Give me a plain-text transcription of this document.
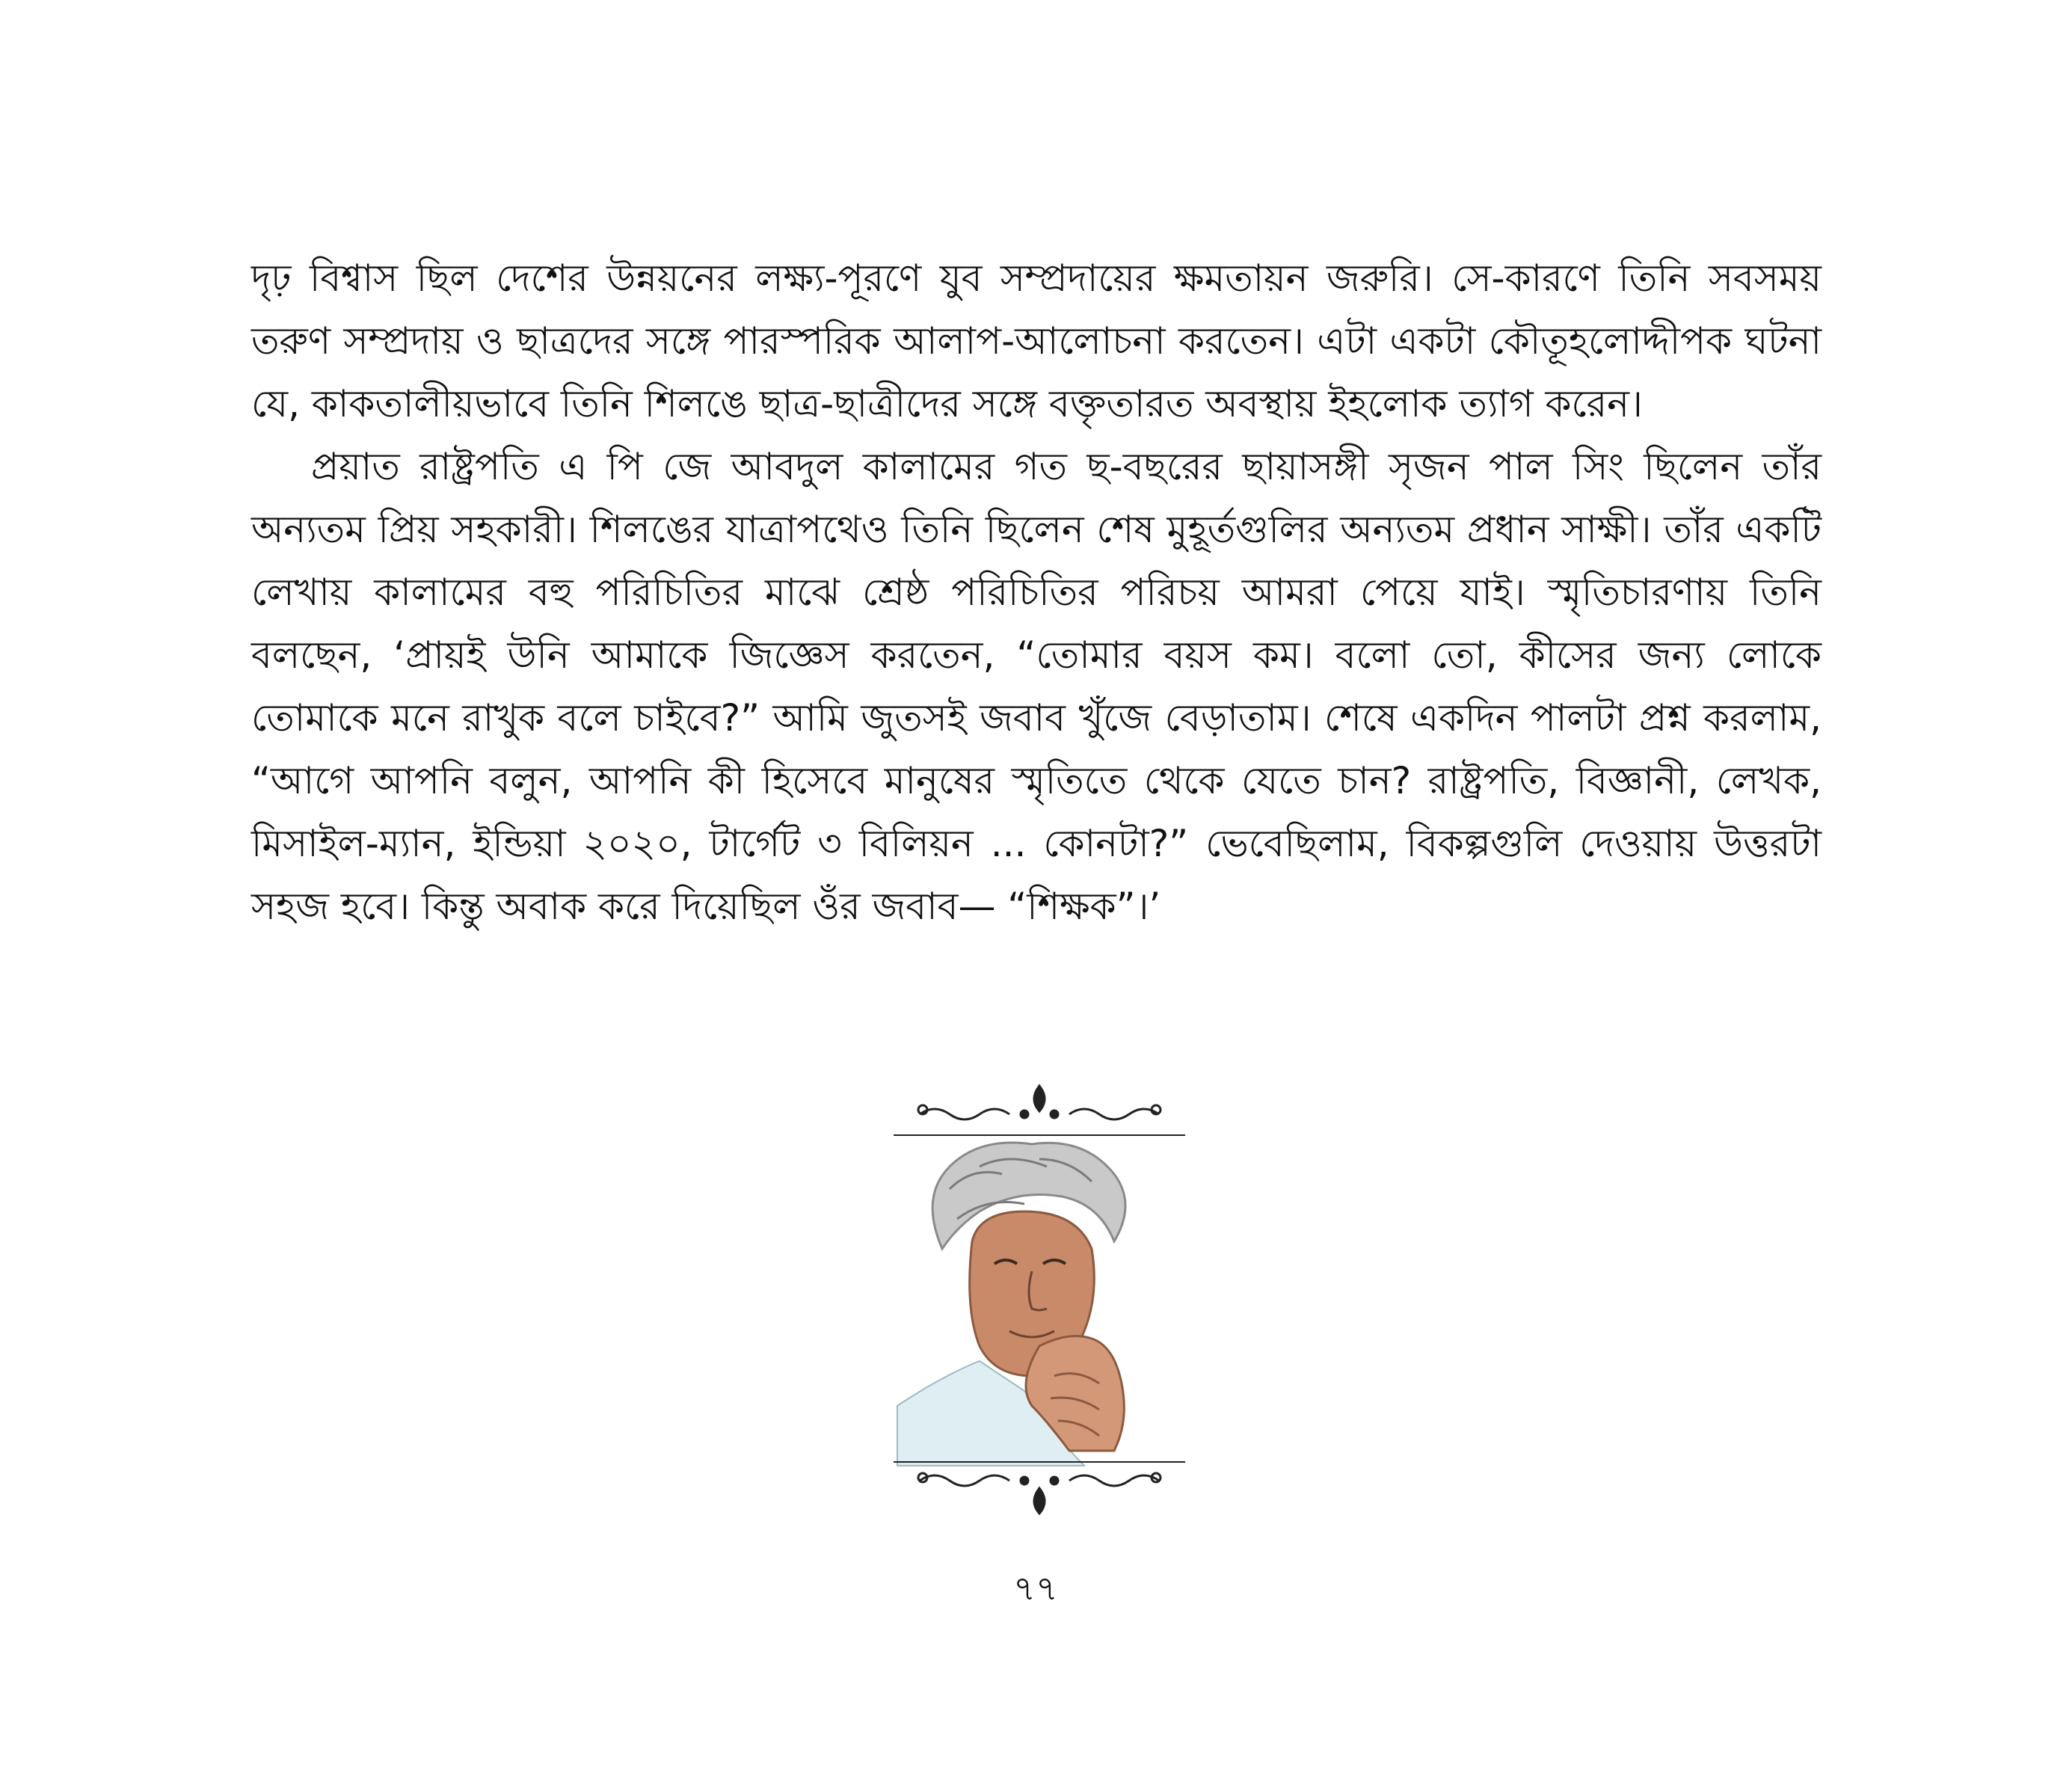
দৃঢ় বিশ্বাস ছিল দেশের উন্নয়নের লক্ষ্য-পূরণে যুব সম্প্রদায়ের ক্ষমতায়ন জরুরি। সে-কারণে তিনি সবসময় তরুণ সম্প্রদায় ও ছাত্রদের সঙ্গে পারস্পরিক আলাপ-আলোচনা করতেন। এটা একটা কৌতূহলোদ্দীপক ঘটনা যে, কাকতালীয়ভাবে তিনি শিলঙে ছাত্র-ছাত্রীদের সঙ্গে বক্তৃতারত অবস্থায় ইহলোক ত্যাগ করেন।

প্রয়াত রাষ্ট্রপতি এ পি জে আবদুল কালামের গত ছ-বছরের ছায়াসঙ্গী সৃজন পাল সিং ছিলেন তাঁর অন্যতম প্রিয় সহকারী। শিলঙের যাত্রাপথেও তিনি ছিলেন শেষ মুহূর্তগুলির অন্যতম প্রধান সাক্ষী। তাঁর একটি লেখায় কালামের বহু পরিচিতির মাঝে শ্রেষ্ঠ পরিচিতির পরিচয় আমরা পেয়ে যাই। স্মৃতিচারণায় তিনি বলছেন, ‘প্রায়ই উনি আমাকে জিজ্ঞেস করতেন, “তোমার বয়স কম। বলো তো, কীসের জন্য লোকে তোমাকে মনে রাখুক বলে চাইবে?” আমি জুতসই জবাব খুঁজে বেড়াতাম। শেষে একদিন পালটা প্রশ্ন করলাম, “আগে আপনি বলুন, আপনি কী হিসেবে মানুষের স্মৃতিতে থেকে যেতে চান? রাষ্ট্রপতি, বিজ্ঞানী, লেখক, মিসাইল-ম্যান, ইন্ডিয়া ২০২০, টার্গেট ৩ বিলিয়ন ... কোনটা?” ভেবেছিলাম, বিকল্পগুলি দেওয়ায় উত্তরটা সহজ হবে। কিন্তু অবাক করে দিয়েছিল ওঁর জবাব— “শিক্ষক”।’

৭৭
